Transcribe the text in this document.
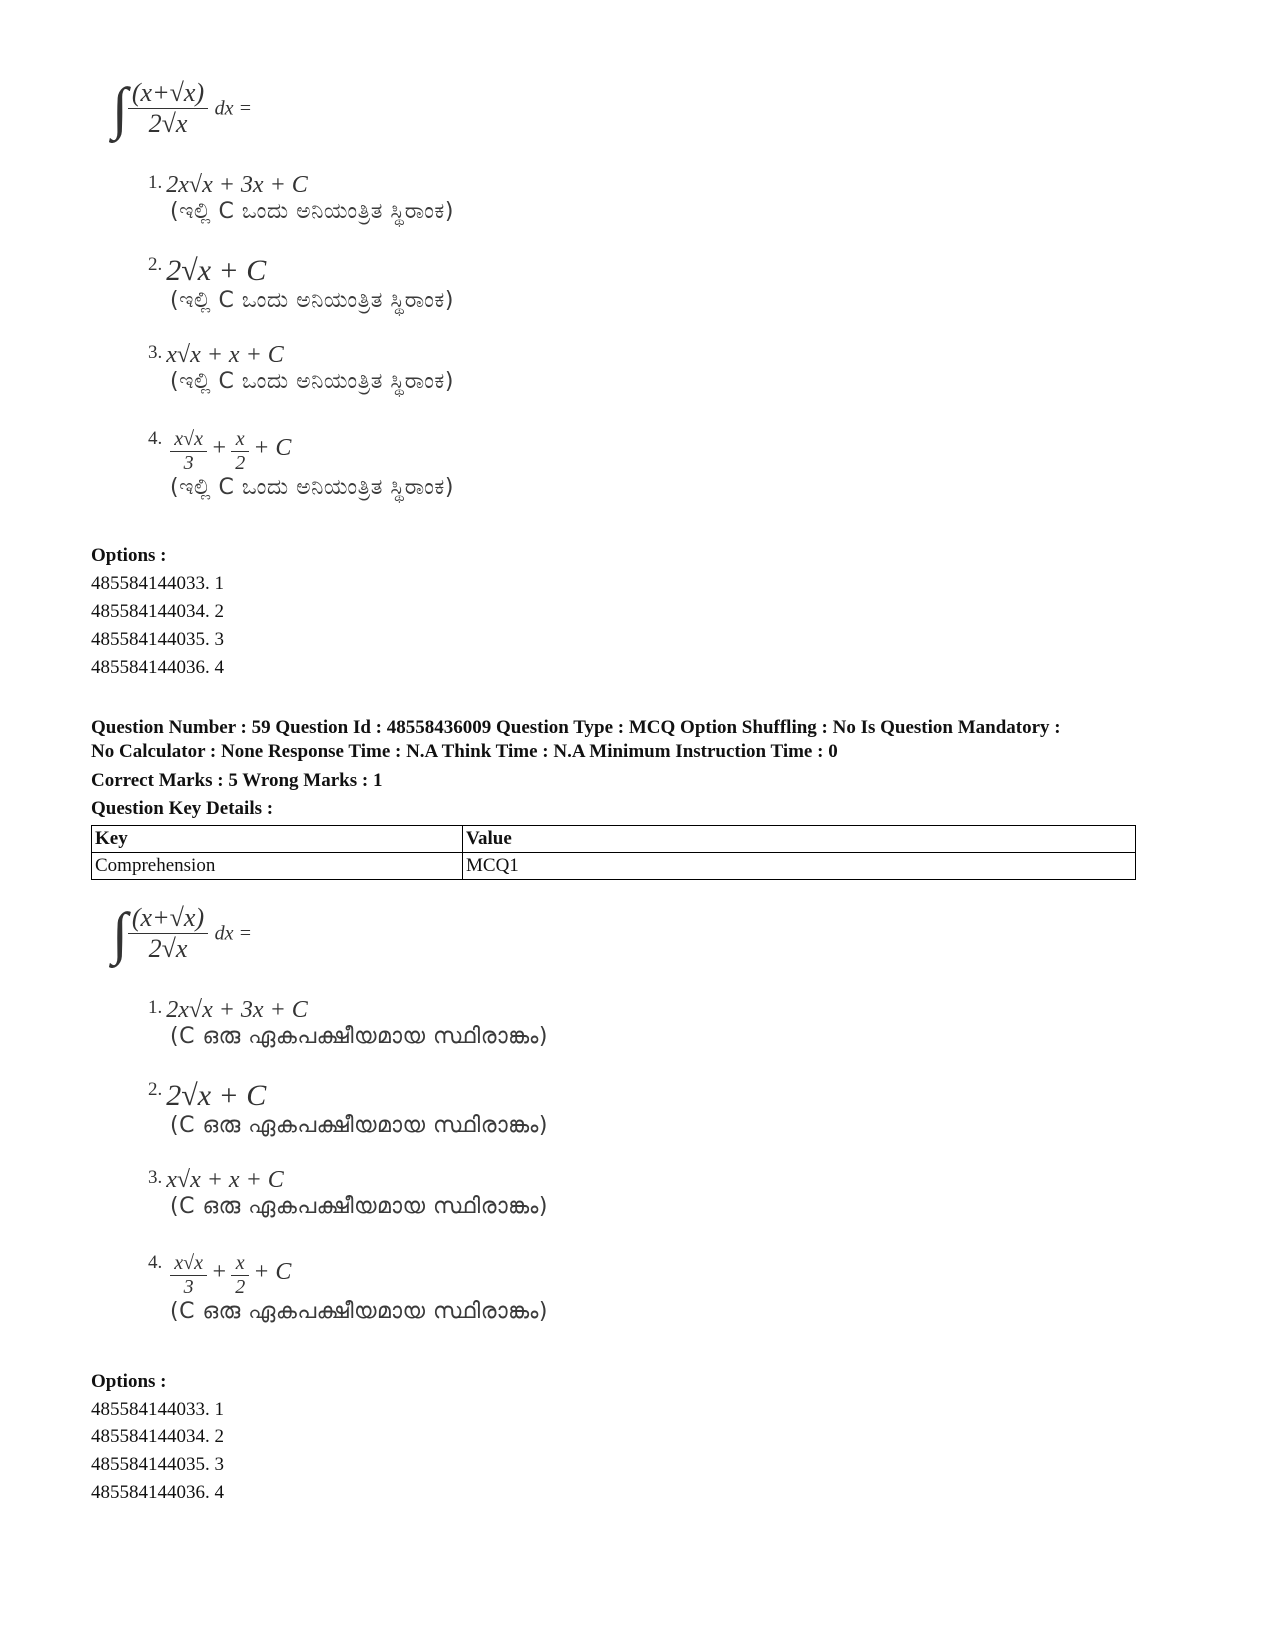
∫ $\frac{(x+√x)}{2√x}$ dx =
1. 2x√x + 3x + C
(ಇಲ್ಲಿ C ಒಂದು ಅನಿಯಂತ್ರಿತ ಸ್ಥಿರಾಂಕ)
2. 2√x + C
(ಇಲ್ಲಿ C ಒಂದು ಅನಿಯಂತ್ರಿತ ಸ್ಥಿರಾಂಕ)
3. x√x + x + C
(ಇಲ್ಲಿ C ಒಂದು ಅನಿಯಂತ್ರಿತ ಸ್ಥಿರಾಂಕ)
4. $\frac{x√x}{3} + \frac{x}{2} + C$
(ಇಲ್ಲಿ C ಒಂದು ಅನಿಯಂತ್ರಿತ ಸ್ಥಿರಾಂಕ)
Options :
485584144033. 1
485584144034. 2
485584144035. 3
485584144036. 4
Question Number : 59 Question Id : 48558436009 Question Type : MCQ Option Shuffling : No Is Question Mandatory :
No Calculator : None Response Time : N.A Think Time : N.A Minimum Instruction Time : 0
Correct Marks : 5 Wrong Marks : 1
Question Key Details :
Key	Value
Comprehension	MCQ1
∫ $\frac{(x+√x)}{2√x}$ dx =
1. 2x√x + 3x + C
(C ഒരു ഏകപക്ഷീയമായ സ്ഥിരാങ്കം)
2. 2√x + C
(C ഒരു ഏകപക്ഷീയമായ സ്ഥിരാങ്കം)
3. x√x + x + C
(C ഒരു ഏകപക്ഷീയമായ സ്ഥിരാങ്കം)
4. $\frac{x√x}{3} + \frac{x}{2} + C$
(C ഒരു ഏകപക്ഷീയമായ സ്ഥിരാങ്കം)
Options :
485584144033. 1
485584144034. 2
485584144035. 3
485584144036. 4
